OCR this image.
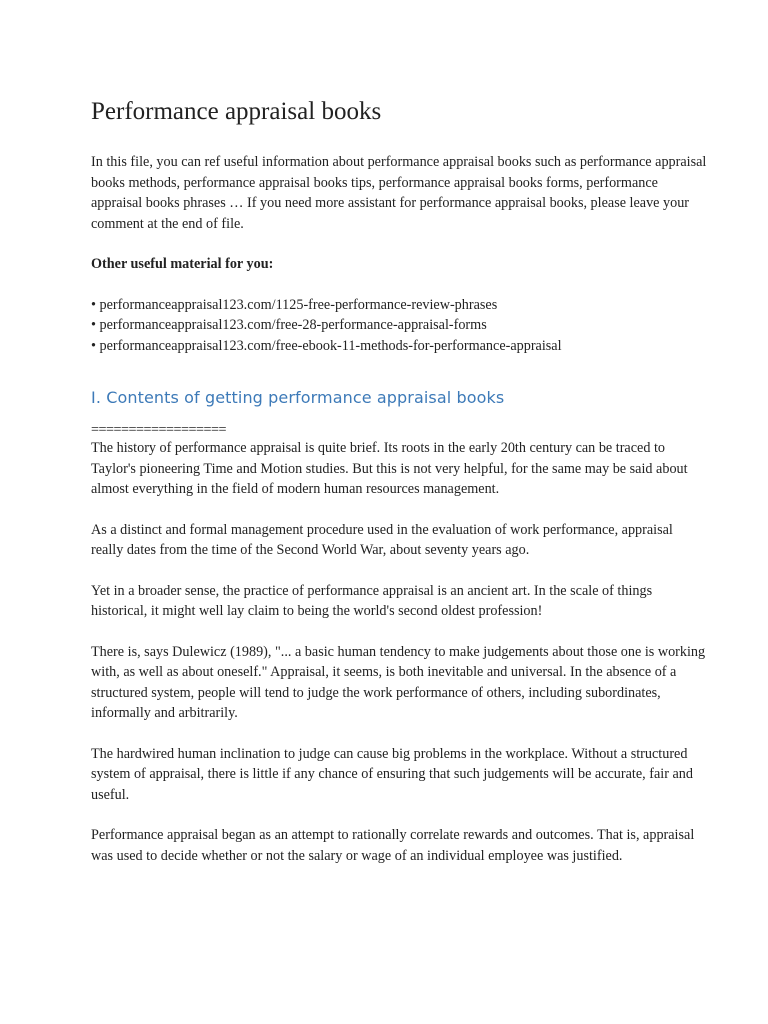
Performance appraisal books

In this file, you can ref useful information about performance appraisal books such as performance appraisal books methods, performance appraisal books tips, performance appraisal books forms, performance appraisal books phrases … If you need more assistant for performance appraisal books, please leave your comment at the end of file.

Other useful material for you:

• performanceappraisal123.com/1125-free-performance-review-phrases
• performanceappraisal123.com/free-28-performance-appraisal-forms
• performanceappraisal123.com/free-ebook-11-methods-for-performance-appraisal
I. Contents of getting performance appraisal books
==================

The history of performance appraisal is quite brief. Its roots in the early 20th century can be traced to Taylor's pioneering Time and Motion studies. But this is not very helpful, for the same may be said about almost everything in the field of modern human resources management.

As a distinct and formal management procedure used in the evaluation of work performance, appraisal really dates from the time of the Second World War, about seventy years ago.

Yet in a broader sense, the practice of performance appraisal is an ancient art. In the scale of things historical, it might well lay claim to being the world's second oldest profession!

There is, says Dulewicz (1989), "... a basic human tendency to make judgements about those one is working with, as well as about oneself." Appraisal, it seems, is both inevitable and universal. In the absence of a structured system, people will tend to judge the work performance of others, including subordinates, informally and arbitrarily.

The hardwired human inclination to judge can cause big problems in the workplace. Without a structured system of appraisal, there is little if any chance of ensuring that such judgements will be accurate, fair and useful.

Performance appraisal began as an attempt to rationally correlate rewards and outcomes. That is, appraisal was used to decide whether or not the salary or wage of an individual employee was justified.
